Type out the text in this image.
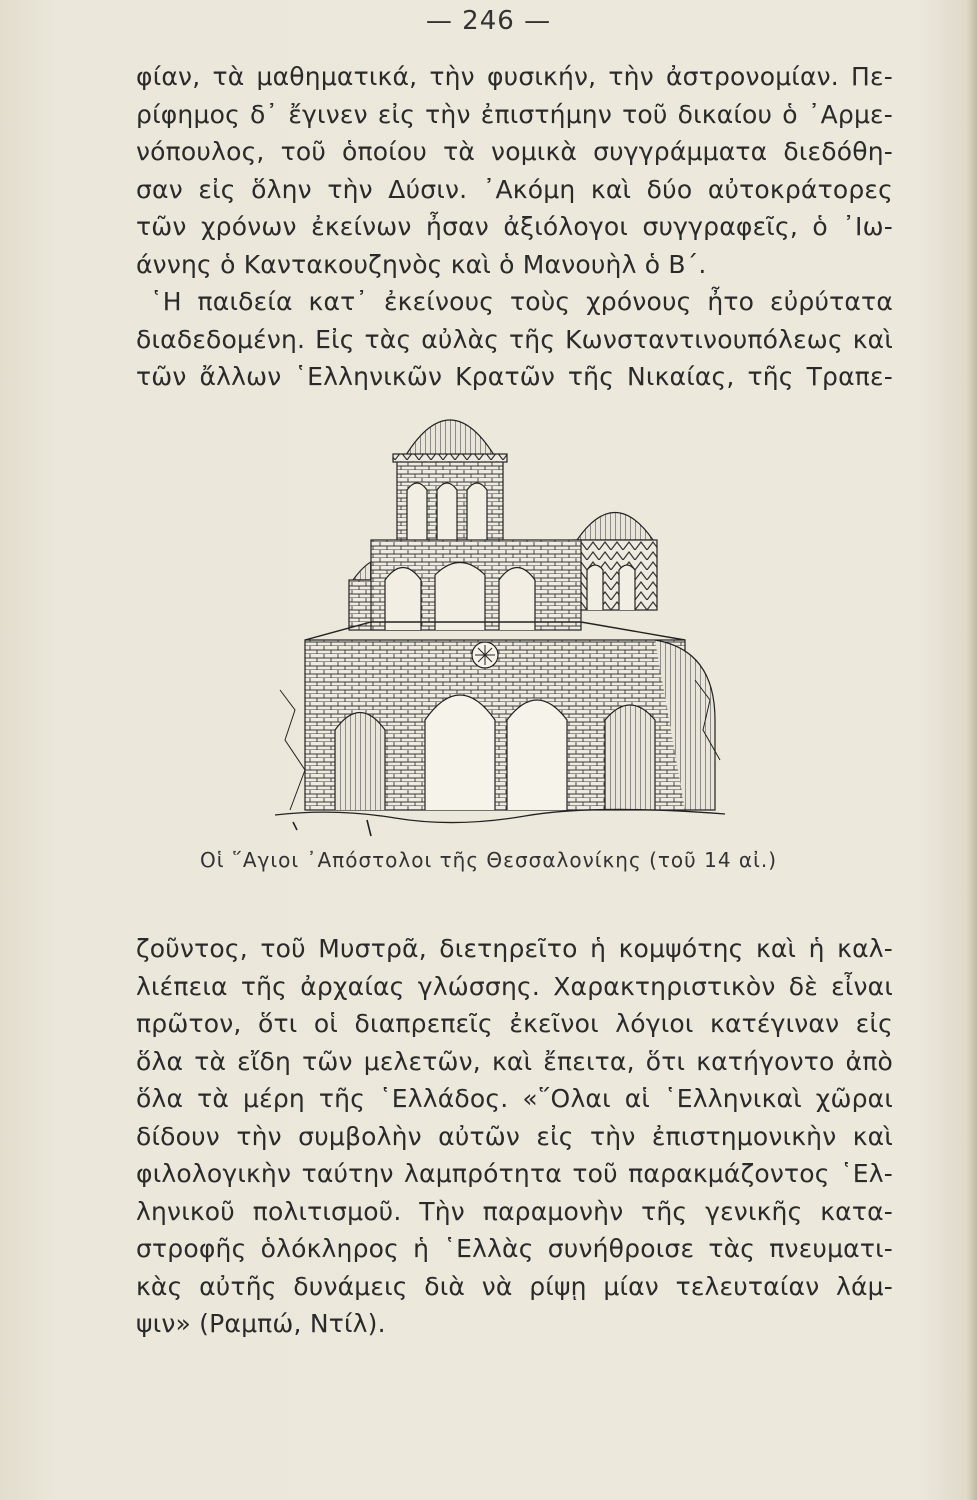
— 246 —
φίαν, τὰ μαθηματικά, τὴν φυσικήν, τὴν ἀστρονομίαν. Πε-
ρίφημος δ᾽ ἔγινεν εἰς τὴν ἐπιστήμην τοῦ δικαίου ὁ ᾿Αρμε-
νόπουλος, τοῦ ὁποίου τὰ νομικὰ συγγράμματα διεδόθη-
σαν εἰς ὅλην τὴν Δύσιν. ᾿Ακόμη καὶ δύο αὐτοκράτορες
τῶν χρόνων ἐκείνων ἦσαν ἀξιόλογοι συγγραφεῖς, ὁ ᾿Ιω-
άννης ὁ Καντακουζηνὸς καὶ ὁ Μανουὴλ ὁ Β΄.
῾Η παιδεία κατ᾽ ἐκείνους τοὺς χρόνους ἦτο εὐρύτατα
διαδεδομένη. Εἰς τὰς αὐλὰς τῆς Κωνσταντινουπόλεως καὶ
τῶν ἄλλων ῾Ελληνικῶν Κρατῶν τῆς Νικαίας, τῆς Τραπε-
Οἱ ῞Αγιοι ᾿Απόστολοι τῆς Θεσσαλονίκης (τοῦ 14 αἰ.)
ζοῦντος, τοῦ Μυστρᾶ, διετηρεῖτο ἡ κομψότης καὶ ἡ καλ-
λιέπεια τῆς ἀρχαίας γλώσσης. Χαρακτηριστικὸν δὲ εἶναι
πρῶτον, ὅτι οἱ διαπρεπεῖς ἐκεῖνοι λόγιοι κατέγιναν εἰς
ὅλα τὰ εἴδη τῶν μελετῶν, καὶ ἔπειτα, ὅτι κατήγοντο ἀπὸ
ὅλα τὰ μέρη τῆς ῾Ελλάδος. «῞Ολαι αἱ ῾Ελληνικαὶ χῶραι
δίδουν τὴν συμβολὴν αὐτῶν εἰς τὴν ἐπιστημονικὴν καὶ
φιλολογικὴν ταύτην λαμπρότητα τοῦ παρακμάζοντος ῾Ελ-
ληνικοῦ πολιτισμοῦ. Τὴν παραμονὴν τῆς γενικῆς κατα-
στροφῆς ὁλόκληρος ἡ ῾Ελλὰς συνήθροισε τὰς πνευματι-
κὰς αὐτῆς δυνάμεις διὰ νὰ ρίψῃ μίαν τελευταίαν λάμ-
ψιν» (Ραμπώ, Ντίλ).
